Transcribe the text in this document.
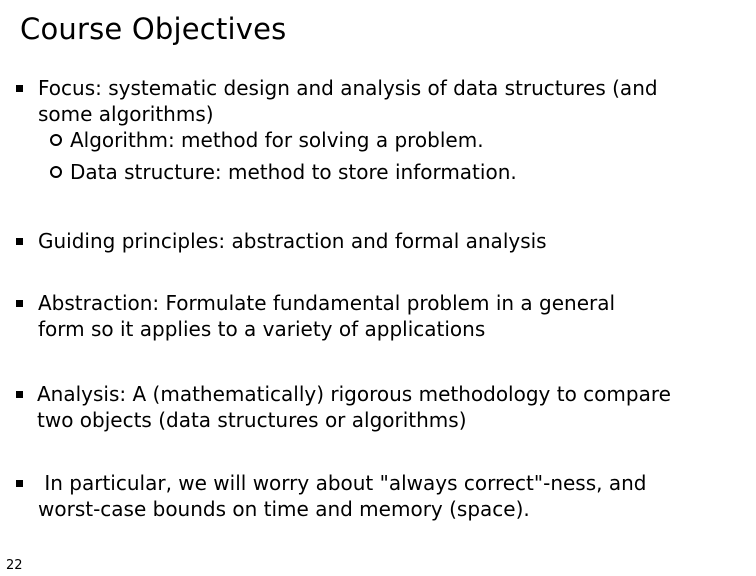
Course Objectives
Focus: systematic design and analysis of data structures (and
some algorithms)
Algorithm: method for solving a problem.
Data structure: method to store information.
Guiding principles: abstraction and formal analysis
Abstraction: Formulate fundamental problem in a general
form so it applies to a variety of applications
Analysis: A (mathematically) rigorous methodology to compare
two objects (data structures or algorithms)
In particular, we will worry about "always correct"-ness, and
worst-case bounds on time and memory (space).
22
